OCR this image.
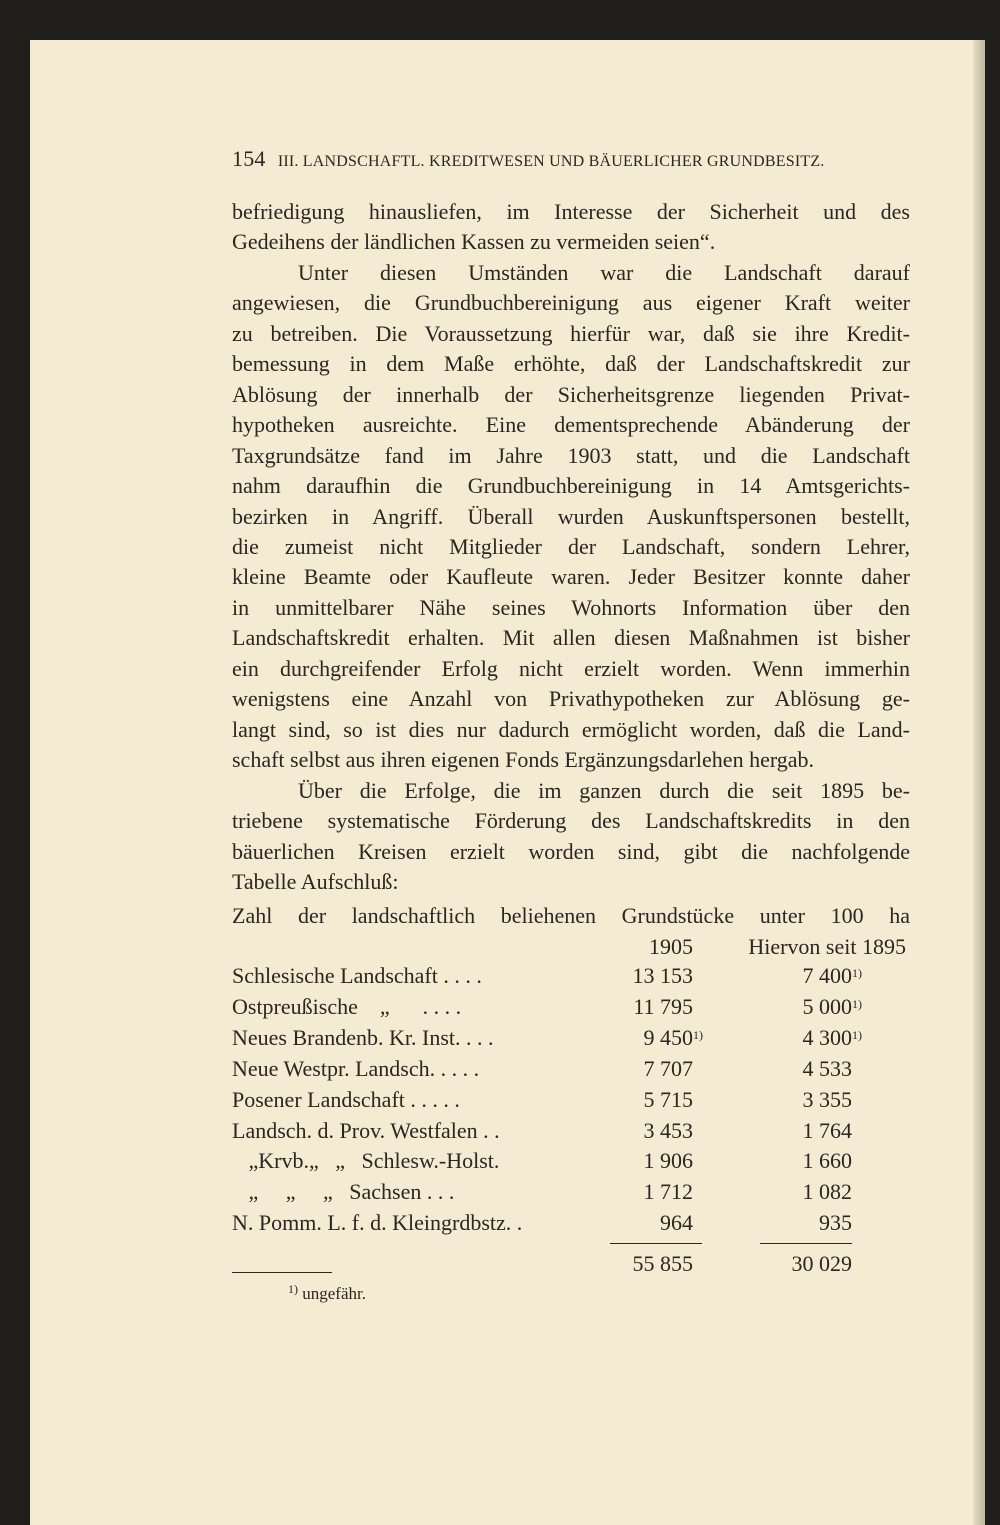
154 III. LANDSCHAFTL. KREDITWESEN UND BÄUERLICHER GRUNDBESITZ.
befriedigung hinausliefen, im Interesse der Sicherheit und des
Gedeihens der ländlichen Kassen zu vermeiden seien“.
Unter diesen Umständen war die Landschaft darauf
angewiesen, die Grundbuchbereinigung aus eigener Kraft weiter
zu betreiben. Die Voraussetzung hierfür war, daß sie ihre Kredit-
bemessung in dem Maße erhöhte, daß der Landschaftskredit zur
Ablösung der innerhalb der Sicherheitsgrenze liegenden Privat-
hypotheken ausreichte. Eine dementsprechende Abänderung der
Taxgrundsätze fand im Jahre 1903 statt, und die Landschaft
nahm daraufhin die Grundbuchbereinigung in 14 Amtsgerichts-
bezirken in Angriff. Überall wurden Auskunftspersonen bestellt,
die zumeist nicht Mitglieder der Landschaft, sondern Lehrer,
kleine Beamte oder Kaufleute waren. Jeder Besitzer konnte daher
in unmittelbarer Nähe seines Wohnorts Information über den
Landschaftskredit erhalten. Mit allen diesen Maßnahmen ist bisher
ein durchgreifender Erfolg nicht erzielt worden. Wenn immerhin
wenigstens eine Anzahl von Privathypotheken zur Ablösung ge-
langt sind, so ist dies nur dadurch ermöglicht worden, daß die Land-
schaft selbst aus ihren eigenen Fonds Ergänzungsdarlehen hergab.
Über die Erfolge, die im ganzen durch die seit 1895 be-
triebene systematische Förderung des Landschaftskredits in den
bäuerlichen Kreisen erzielt worden sind, gibt die nachfolgende
Tabelle Aufschluß:
Zahl der landschaftlich beliehenen Grundstücke unter 100 ha
1905	Hiervon seit 1895
Schlesische Landschaft . . . .	13 153	7 400$^{1)}$
Ostpreußische    „      . . . .	11 795	5 000$^{1)}$
Neues Brandenb. Kr. Inst. . . .	9 450$^{1)}$	4 300$^{1)}$
Neue Westpr. Landsch. . . . .	7 707	4 533
Posener Landschaft . . . . .	5 715	3 355
Landsch. d. Prov. Westfalen . .	3 453	1 764
„Krvb.„   „   Schlesw.-Holst.	1 906	1 660
„     „     „   Sachsen . . .	1 712	1 082
N. Pomm. L. f. d. Kleingrdbstz. .	964	935
55 855	30 029
$^{1)}$ ungefähr.
